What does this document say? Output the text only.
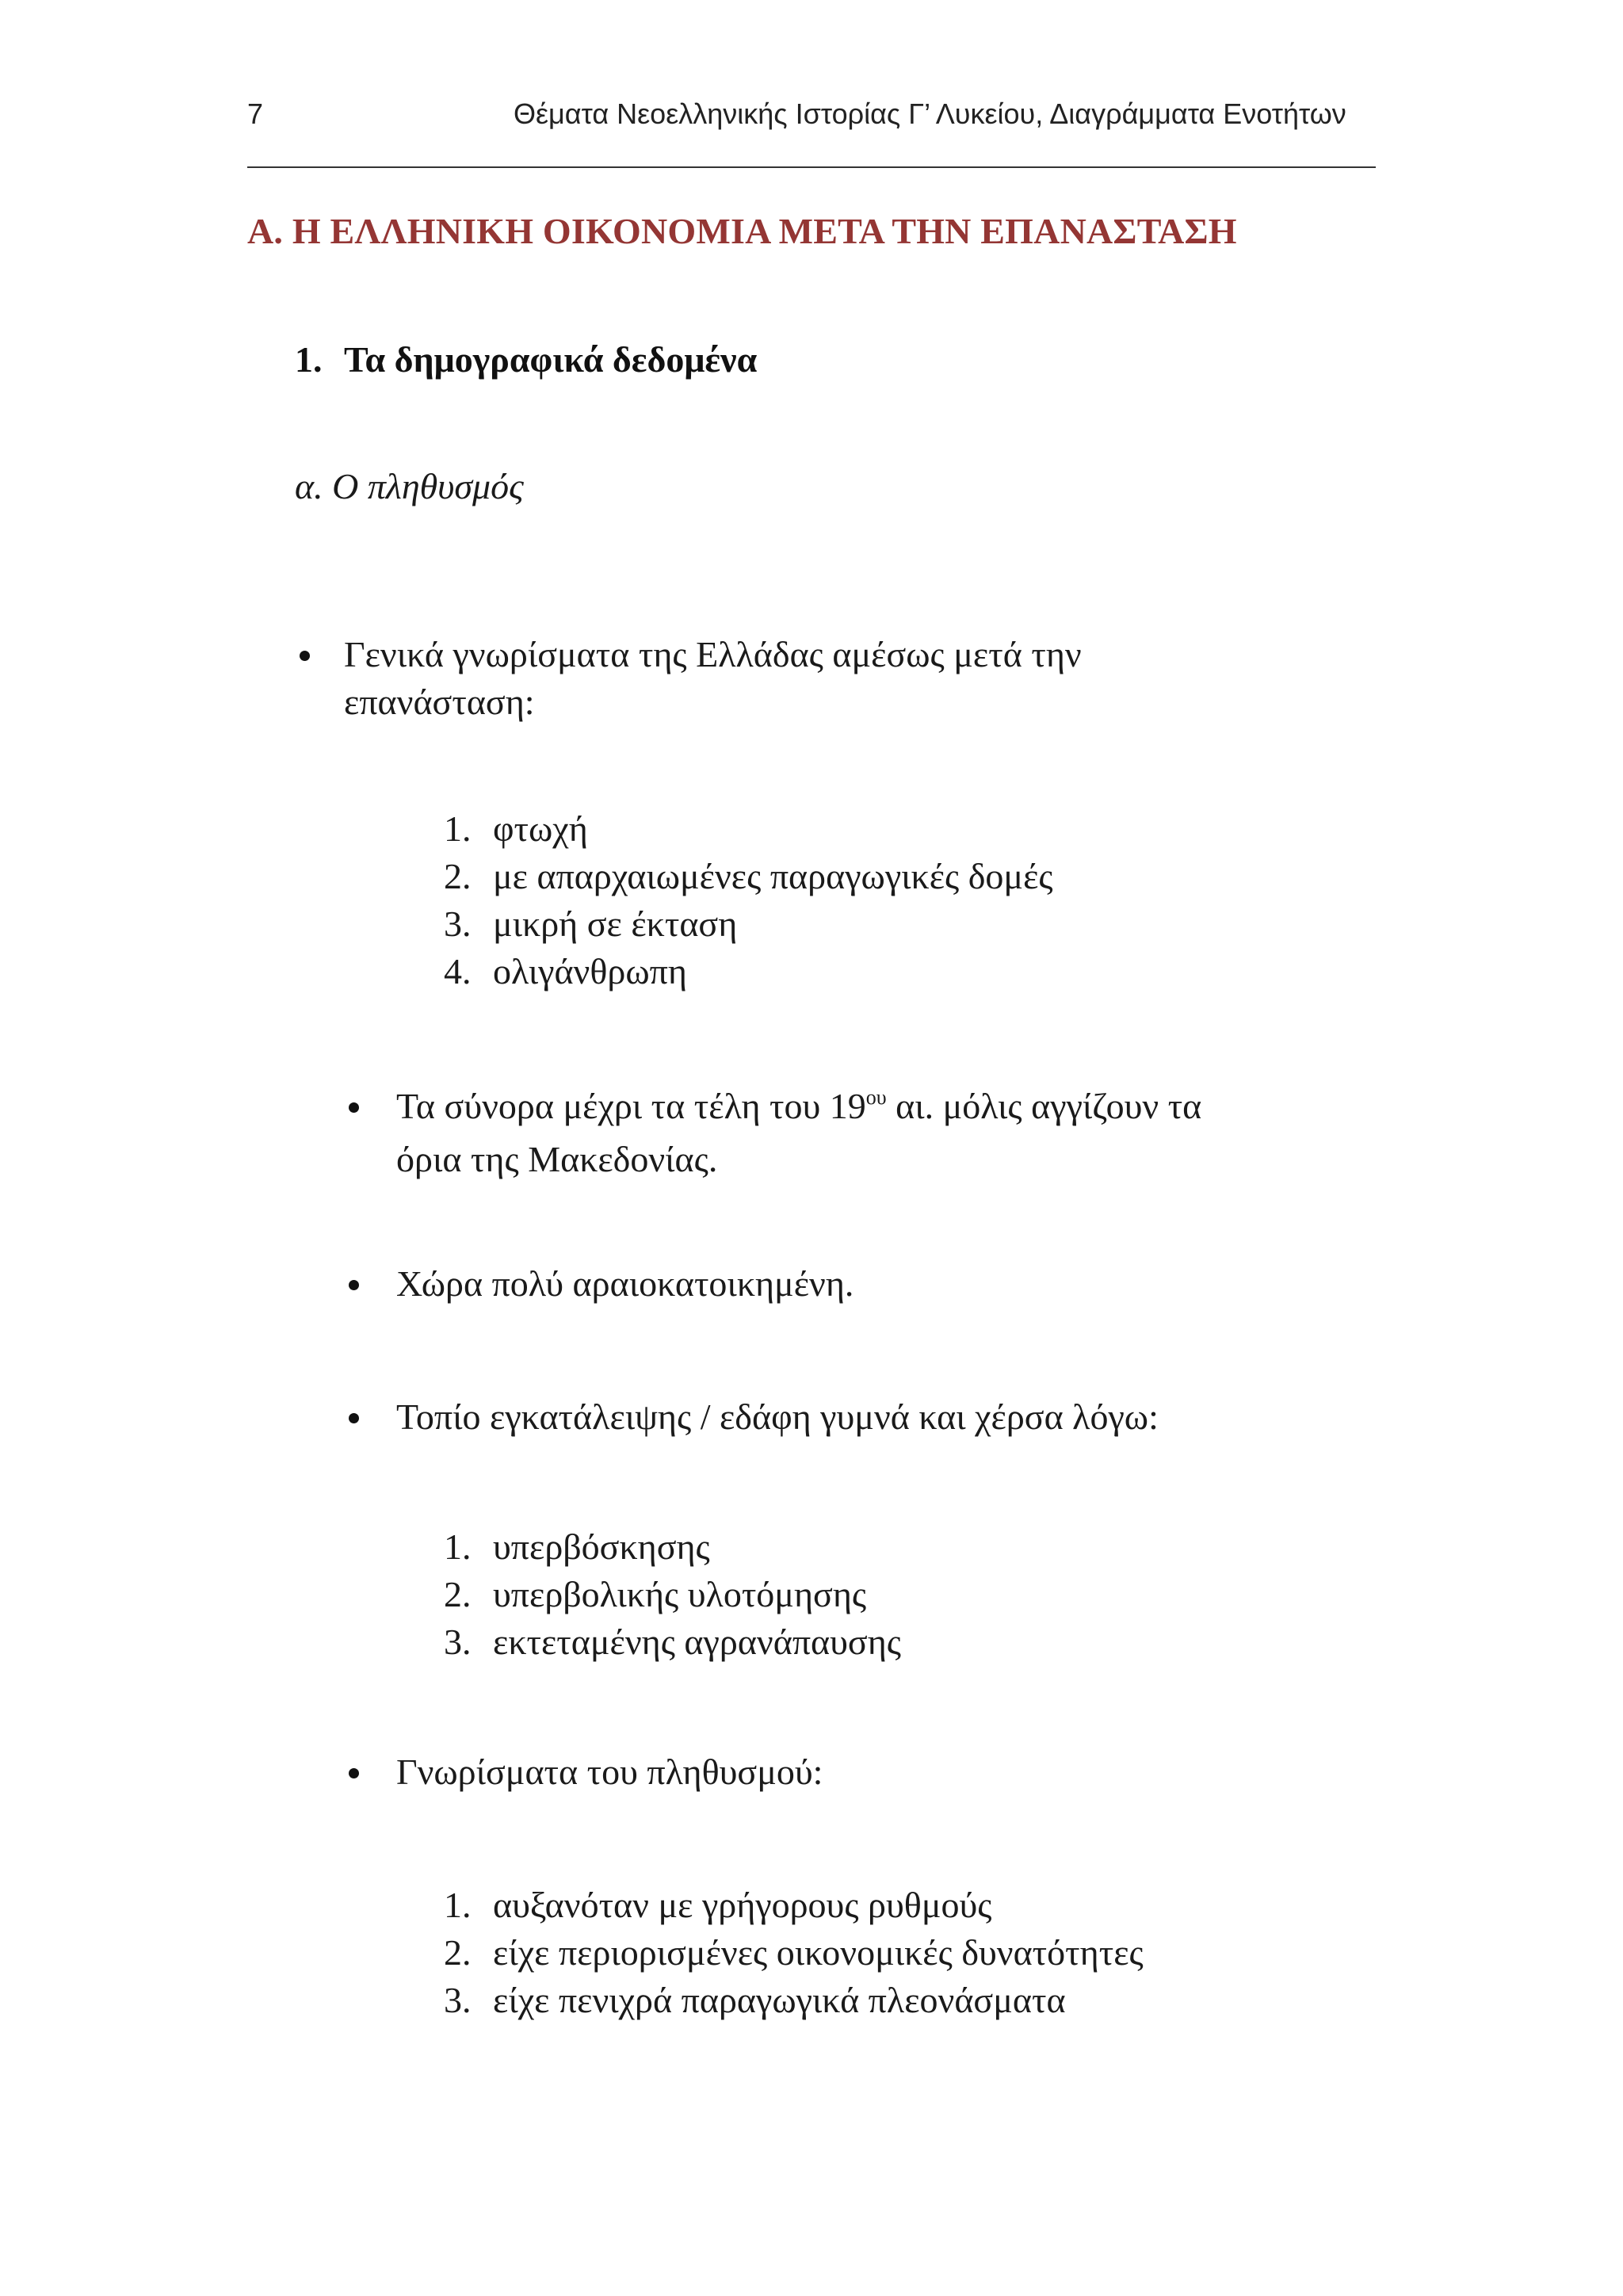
7	Θέματα Νεοελληνικής Ιστορίας Γ’ Λυκείου, Διαγράμματα Ενοτήτων
Α. Η ΕΛΛΗΝΙΚΗ ΟΙΚΟΝΟΜΙΑ ΜΕΤΑ ΤΗΝ ΕΠΑΝΑΣΤΑΣΗ
1. Τα δημογραφικά δεδομένα
α. Ο πληθυσμός
Γενικά γνωρίσματα της Ελλάδας αμέσως μετά την
επανάσταση:
1. φτωχή
2. με απαρχαιωμένες παραγωγικές δομές
3. μικρή σε έκταση
4. ολιγάνθρωπη
Τα σύνορα μέχρι τα τέλη του $19^{o\upsilon}$ αι. μόλις αγγίζουν τα
όρια της Μακεδονίας.
Χώρα πολύ αραιοκατοικημένη.
Τοπίο εγκατάλειψης / εδάφη γυμνά και χέρσα λόγω:
1. υπερβόσκησης
2. υπερβολικής υλοτόμησης
3. εκτεταμένης αγρανάπαυσης
Γνωρίσματα του πληθυσμού:
1. αυξανόταν με γρήγορους ρυθμούς
2. είχε περιορισμένες οικονομικές δυνατότητες
3. είχε πενιχρά παραγωγικά πλεονάσματα
